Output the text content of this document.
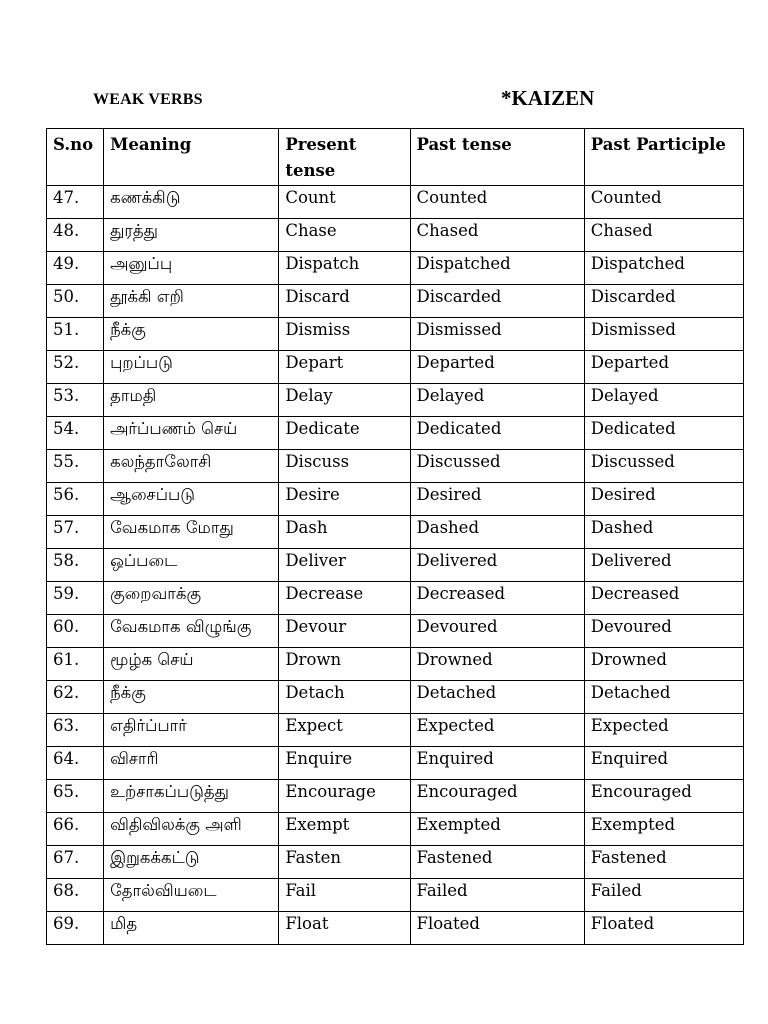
WEAK VERBS	*KAIZEN
S.no	Meaning	Present tense	Past tense	Past Participle
47.	கணக்கிடு	Count	Counted	Counted
48.	துரத்து	Chase	Chased	Chased
49.	அனுப்பு	Dispatch	Dispatched	Dispatched
50.	தூக்கி எறி	Discard	Discarded	Discarded
51.	நீக்கு	Dismiss	Dismissed	Dismissed
52.	புறப்படு	Depart	Departed	Departed
53.	தாமதி	Delay	Delayed	Delayed
54.	அர்ப்பணம் செய்	Dedicate	Dedicated	Dedicated
55.	கலந்தாலோசி	Discuss	Discussed	Discussed
56.	ஆசைப்படு	Desire	Desired	Desired
57.	வேகமாக மோது	Dash	Dashed	Dashed
58.	ஒப்படை	Deliver	Delivered	Delivered
59.	குறைவாக்கு	Decrease	Decreased	Decreased
60.	வேகமாக விழுங்கு	Devour	Devoured	Devoured
61.	மூழ்க செய்	Drown	Drowned	Drowned
62.	நீக்கு	Detach	Detached	Detached
63.	எதிர்ப்பார்	Expect	Expected	Expected
64.	விசாரி	Enquire	Enquired	Enquired
65.	உற்சாகப்படுத்து	Encourage	Encouraged	Encouraged
66.	விதிவிலக்கு அளி	Exempt	Exempted	Exempted
67.	இறுகக்கட்டு	Fasten	Fastened	Fastened
68.	தோல்வியடை	Fail	Failed	Failed
69.	மித	Float	Floated	Floated
